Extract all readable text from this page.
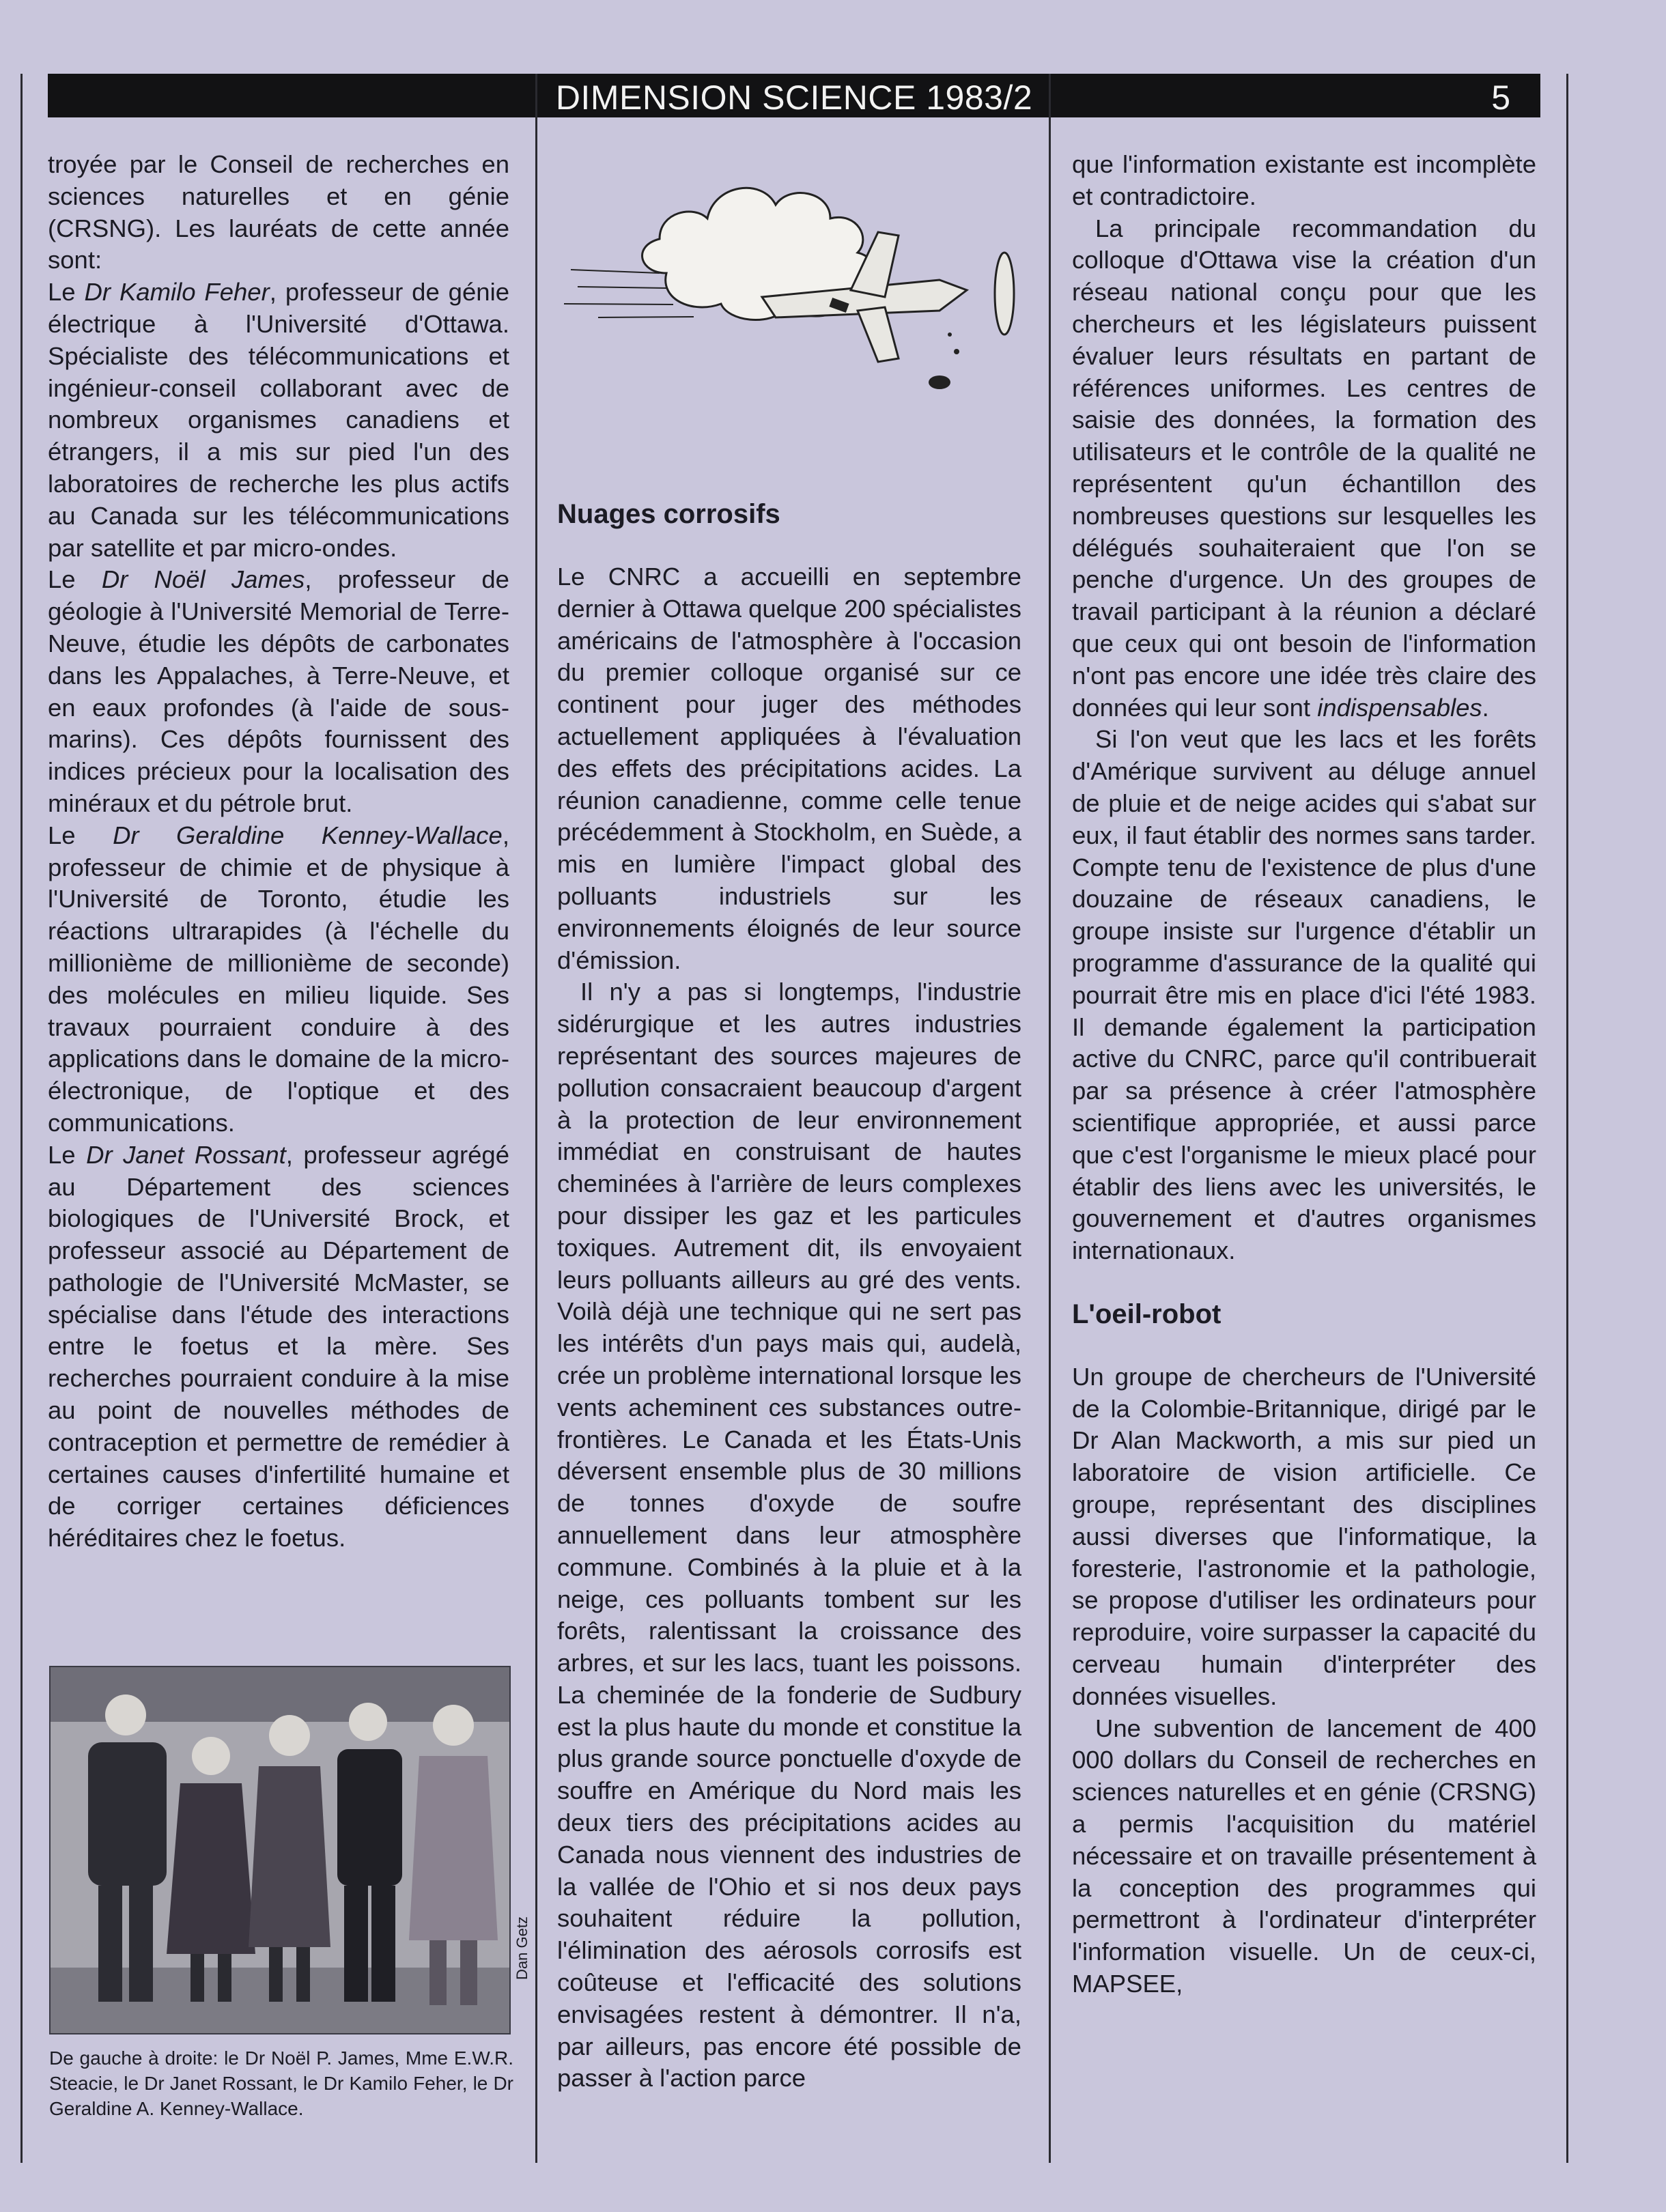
DIMENSION SCIENCE 1983/2	5

troyée par le Conseil de recherches en sciences naturelles et en génie (CRSNG). Les lauréats de cette année sont:

Le Dr Kamilo Feher, professeur de génie électrique à l'Université d'Ottawa. Spécialiste des télécommunications et ingénieur-conseil collaborant avec de nombreux organismes canadiens et étrangers, il a mis sur pied l'un des laboratoires de recherche les plus actifs au Canada sur les télécommunications par satellite et par micro-ondes.

Le Dr Noël James, professeur de géologie à l'Université Memorial de Terre-Neuve, étudie les dépôts de carbonates dans les Appalaches, à Terre-Neuve, et en eaux profondes (à l'aide de sous-marins). Ces dépôts fournissent des indices précieux pour la localisation des minéraux et du pétrole brut.

Le Dr Geraldine Kenney-Wallace, professeur de chimie et de physique à l'Université de Toronto, étudie les réactions ultrarapides (à l'échelle du millionième de millionième de seconde) des molécules en milieu liquide. Ses travaux pourraient conduire à des applications dans le domaine de la micro-électronique, de l'optique et des communications.

Le Dr Janet Rossant, professeur agrégé au Département des sciences biologiques de l'Université Brock, et professeur associé au Département de pathologie de l'Université McMaster, se spécialise dans l'étude des interactions entre le foetus et la mère. Ses recherches pourraient conduire à la mise au point de nouvelles méthodes de contraception et permettre de remédier à certaines causes d'infertilité humaine et de corriger certaines déficiences héréditaires chez le foetus.

Dan Getz
De gauche à droite: le Dr Noël P. James, Mme E.W.R. Steacie, le Dr Janet Rossant, le Dr Kamilo Feher, le Dr Geraldine A. Kenney-Wallace.
Nuages corrosifs

Le CNRC a accueilli en septembre dernier à Ottawa quelque 200 spécialistes américains de l'atmosphère à l'occasion du premier colloque organisé sur ce continent pour juger des méthodes actuellement appliquées à l'évaluation des effets des précipitations acides. La réunion canadienne, comme celle tenue précédemment à Stockholm, en Suède, a mis en lumière l'impact global des polluants industriels sur les environnements éloignés de leur source d'émission.

Il n'y a pas si longtemps, l'industrie sidérurgique et les autres industries représentant des sources majeures de pollution consacraient beaucoup d'argent à la protection de leur environnement immédiat en construisant de hautes cheminées à l'arrière de leurs complexes pour dissiper les gaz et les particules toxiques. Autrement dit, ils envoyaient leurs polluants ailleurs au gré des vents. Voilà déjà une technique qui ne sert pas les intérêts d'un pays mais qui, audelà, crée un problème international lorsque les vents acheminent ces substances outre-frontières. Le Canada et les États-Unis déversent ensemble plus de 30 millions de tonnes d'oxyde de soufre annuellement dans leur atmosphère commune. Combinés à la pluie et à la neige, ces polluants tombent sur les forêts, ralentissant la croissance des arbres, et sur les lacs, tuant les poissons. La cheminée de la fonderie de Sudbury est la plus haute du monde et constitue la plus grande source ponctuelle d'oxyde de souffre en Amérique du Nord mais les deux tiers des précipitations acides au Canada nous viennent des industries de la vallée de l'Ohio et si nos deux pays souhaitent réduire la pollution, l'élimination des aérosols corrosifs est coûteuse et l'efficacité des solutions envisagées restent à démontrer. Il n'a, par ailleurs, pas encore été possible de passer à l'action parce

que l'information existante est incomplète et contradictoire.

La principale recommandation du colloque d'Ottawa vise la création d'un réseau national conçu pour que les chercheurs et les législateurs puissent évaluer leurs résultats en partant de références uniformes. Les centres de saisie des données, la formation des utilisateurs et le contrôle de la qualité ne représentent qu'un échantillon des nombreuses questions sur lesquelles les délégués souhaiteraient que l'on se penche d'urgence. Un des groupes de travail participant à la réunion a déclaré que ceux qui ont besoin de l'information n'ont pas encore une idée très claire des données qui leur sont indispensables.

Si l'on veut que les lacs et les forêts d'Amérique survivent au déluge annuel de pluie et de neige acides qui s'abat sur eux, il faut établir des normes sans tarder. Compte tenu de l'existence de plus d'une douzaine de réseaux canadiens, le groupe insiste sur l'urgence d'établir un programme d'assurance de la qualité qui pourrait être mis en place d'ici l'été 1983. Il demande également la participation active du CNRC, parce qu'il contribuerait par sa présence à créer l'atmosphère scientifique appropriée, et aussi parce que c'est l'organisme le mieux placé pour établir des liens avec les universités, le gouvernement et d'autres organismes internationaux.

L'oeil-robot

Un groupe de chercheurs de l'Université de la Colombie-Britannique, dirigé par le Dr Alan Mackworth, a mis sur pied un laboratoire de vision artificielle. Ce groupe, représentant des disciplines aussi diverses que l'informatique, la foresterie, l'astronomie et la pathologie, se propose d'utiliser les ordinateurs pour reproduire, voire surpasser la capacité du cerveau humain d'interpréter des données visuelles.

Une subvention de lancement de 400 000 dollars du Conseil de recherches en sciences naturelles et en génie (CRSNG) a permis l'acquisition du matériel nécessaire et on travaille présentement à la conception des programmes qui permettront à l'ordinateur d'interpréter l'information visuelle. Un de ceux-ci, MAPSEE,
